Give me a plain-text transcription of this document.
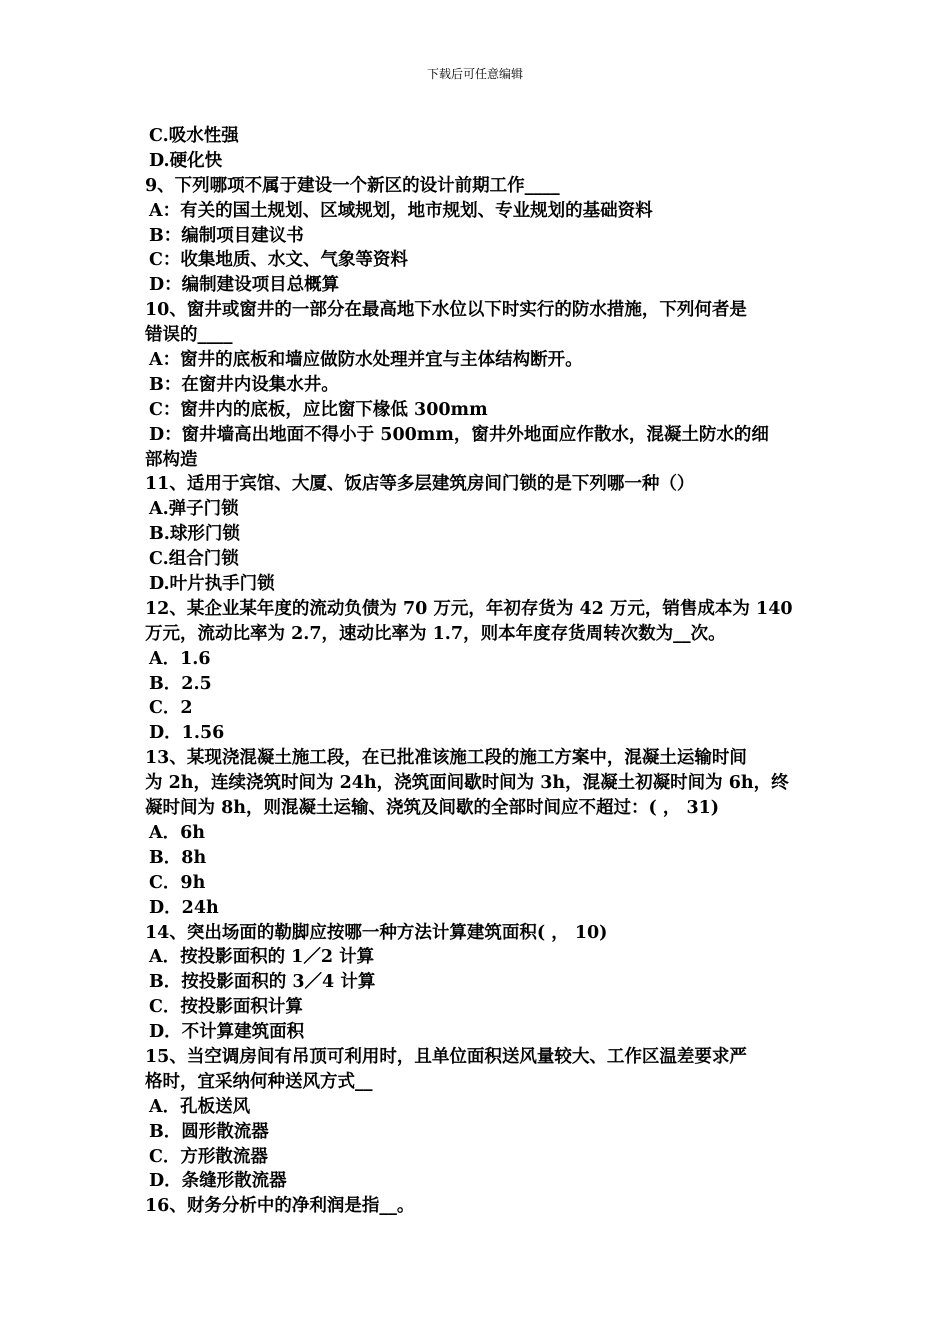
下载后可任意编辑
C.吸水性强
D.硬化快
9、下列哪项不属于建设一个新区的设计前期工作____
A：有关的国土规划、区域规划，地市规划、专业规划的基础资料
B：编制项目建议书
C：收集地质、水文、气象等资料
D：编制建设项目总概算
10、窗井或窗井的一部分在最高地下水位以下时实行的防水措施，下列何者是
错误的____
A：窗井的底板和墙应做防水处理并宜与主体结构断开。
B：在窗井内设集水井。
C：窗井内的底板，应比窗下椽低 300mm
D：窗井墙高出地面不得小于 500mm，窗井外地面应作散水，混凝土防水的细
部构造
11、适用于宾馆、大厦、饭店等多层建筑房间门锁的是下列哪一种（）
A.弹子门锁
B.球形门锁
C.组合门锁
D.叶片执手门锁
12、某企业某年度的流动负债为 70 万元，年初存货为 42 万元，销售成本为 140
万元，流动比率为 2.7，速动比率为 1.7，则本年度存货周转次数为__次。
A．1.6
B．2.5
C．2
D．1.56
13、某现浇混凝土施工段，在已批准该施工段的施工方案中，混凝土运输时间
为 2h，连续浇筑时间为 24h，浇筑面间歇时间为 3h，混凝土初凝时间为 6h，终
凝时间为 8h，则混凝土运输、浇筑及间歇的全部时间应不超过：( ， 31)
A．6h
B．8h
C．9h
D．24h
14、突出场面的勒脚应按哪一种方法计算建筑面积( ， 10)
A．按投影面积的 1／2 计算
B．按投影面积的 3／4 计算
C．按投影面积计算
D．不计算建筑面积
15、当空调房间有吊顶可利用时，且单位面积送风量较大、工作区温差要求严
格时，宜采纳何种送风方式__
A．孔板送风
B．圆形散流器
C．方形散流器
D．条缝形散流器
16、财务分析中的净利润是指__。
